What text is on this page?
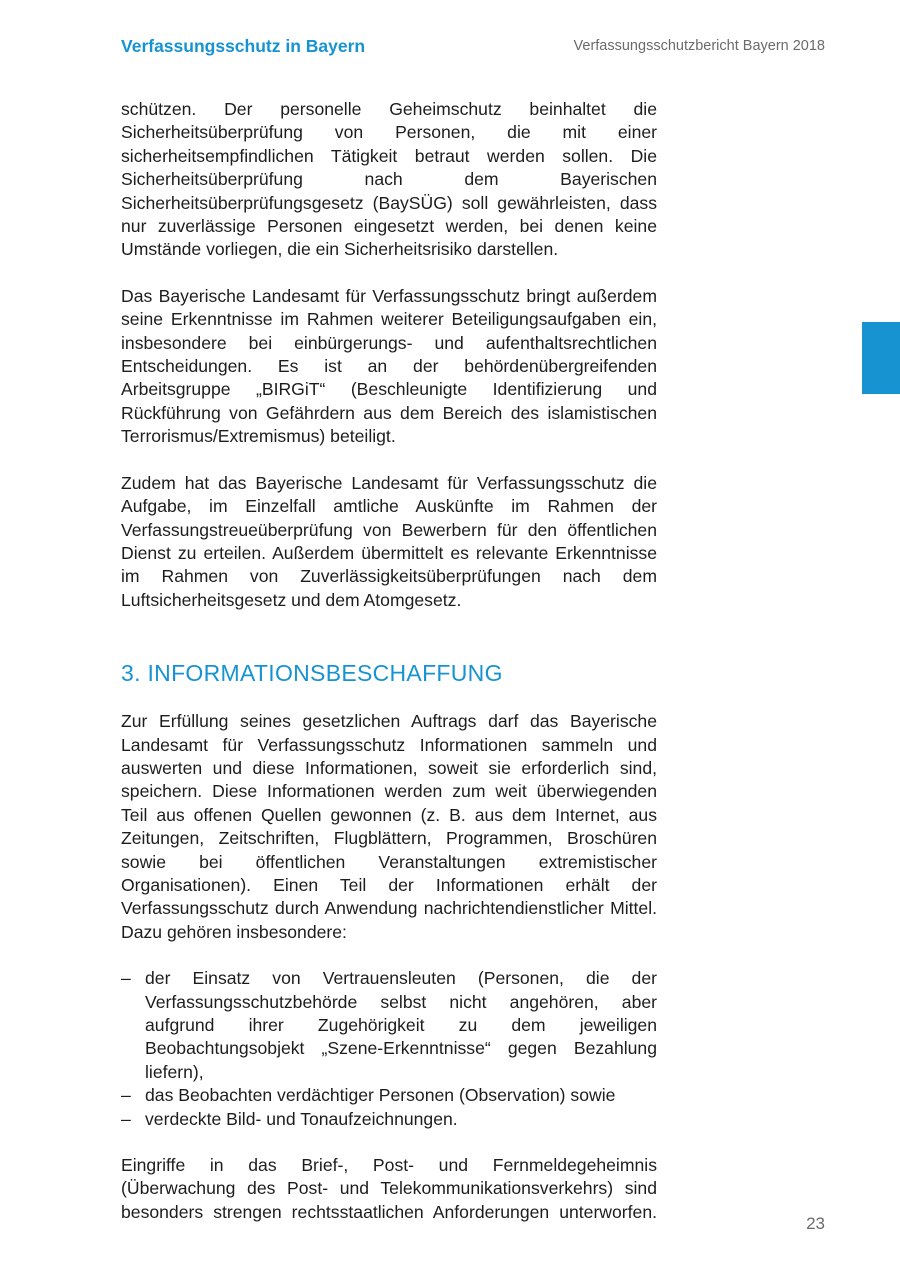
Verfassungsschutz in Bayern	Verfassungsschutzbericht Bayern 2018

schützen. Der personelle Geheimschutz beinhaltet die Sicherheitsüberprüfung von Personen, die mit einer sicherheitsempfindlichen Tätigkeit betraut werden sollen. Die Sicherheitsüberprüfung nach dem Bayerischen Sicherheitsüberprüfungsgesetz (BaySÜG) soll gewährleisten, dass nur zuverlässige Personen eingesetzt werden, bei denen keine Umstände vorliegen, die ein Sicherheitsrisiko darstellen.

Das Bayerische Landesamt für Verfassungsschutz bringt außerdem seine Erkenntnisse im Rahmen weiterer Beteiligungsaufgaben ein, insbesondere bei einbürgerungs- und aufenthaltsrechtlichen Entscheidungen. Es ist an der behördenübergreifenden Arbeitsgruppe „BIRGiT“ (Beschleunigte Identifizierung und Rückführung von Gefährdern aus dem Bereich des islamistischen Terrorismus/Extremismus) beteiligt.

Zudem hat das Bayerische Landesamt für Verfassungsschutz die Aufgabe, im Einzelfall amtliche Auskünfte im Rahmen der Verfassungstreueüberprüfung von Bewerbern für den öffentlichen Dienst zu erteilen. Außerdem übermittelt es relevante Erkenntnisse im Rahmen von Zuverlässigkeitsüberprüfungen nach dem Luftsicherheitsgesetz und dem Atomgesetz.

3. INFORMATIONSBESCHAFFUNG

Zur Erfüllung seines gesetzlichen Auftrags darf das Bayerische Landesamt für Verfassungsschutz Informationen sammeln und auswerten und diese Informationen, soweit sie erforderlich sind, speichern. Diese Informationen werden zum weit überwiegenden Teil aus offenen Quellen gewonnen (z. B. aus dem Internet, aus Zeitungen, Zeitschriften, Flugblättern, Programmen, Broschüren sowie bei öffentlichen Veranstaltungen extremistischer Organisationen). Einen Teil der Informationen erhält der Verfassungsschutz durch Anwendung nachrichtendienstlicher Mittel. Dazu gehören insbesondere:

– der Einsatz von Vertrauensleuten (Personen, die der Verfassungsschutzbehörde selbst nicht angehören, aber aufgrund ihrer Zugehörigkeit zu dem jeweiligen Beobachtungsobjekt „Szene-Erkenntnisse“ gegen Bezahlung liefern),
– das Beobachten verdächtiger Personen (Observation) sowie
– verdeckte Bild- und Tonaufzeichnungen.

Eingriffe in das Brief-, Post- und Fernmeldegeheimnis (Überwachung des Post- und Telekommunikationsverkehrs) sind besonders strengen rechtsstaatlichen Anforderungen unterworfen.

23
